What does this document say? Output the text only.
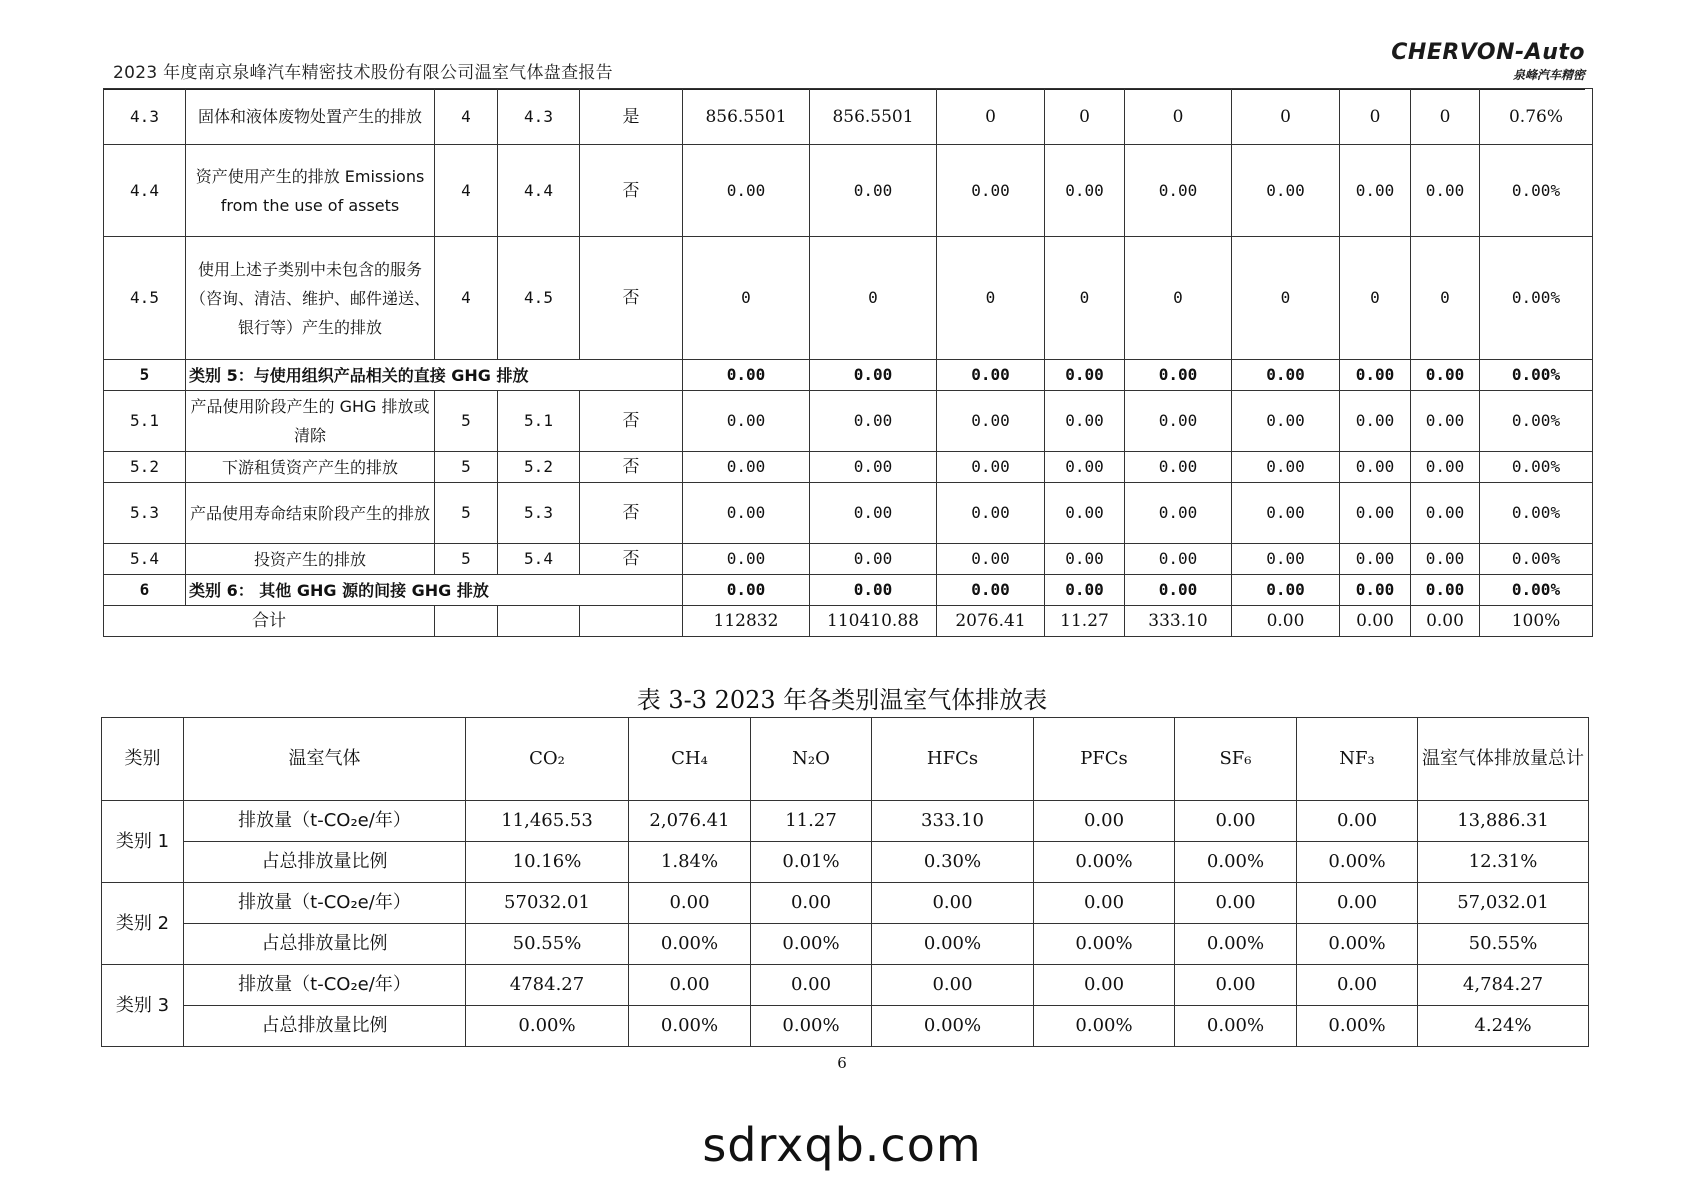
2023 年度南京泉峰汽车精密技术股份有限公司温室气体盘查报告
CHERVON-Auto
泉峰汽车精密
4.3	固体和液体废物处置产生的排放	4	4.3	是	856.5501	856.5501	0	0	0	0	0	0	0.76%
4.4	资产使用产生的排放 Emissions from the use of assets	4	4.4	否	0.00	0.00	0.00	0.00	0.00	0.00	0.00	0.00	0.00%
4.5	使用上述子类别中未包含的服务（咨询、清洁、维护、邮件递送、银行等）产生的排放	4	4.5	否	0	0	0	0	0	0	0	0	0.00%
5	类别 5：与使用组织产品相关的直接 GHG 排放				0.00	0.00	0.00	0.00	0.00	0.00	0.00	0.00	0.00%
5.1	产品使用阶段产生的 GHG 排放或清除	5	5.1	否	0.00	0.00	0.00	0.00	0.00	0.00	0.00	0.00	0.00%
5.2	下游租赁资产产生的排放	5	5.2	否	0.00	0.00	0.00	0.00	0.00	0.00	0.00	0.00	0.00%
5.3	产品使用寿命结束阶段产生的排放	5	5.3	否	0.00	0.00	0.00	0.00	0.00	0.00	0.00	0.00	0.00%
5.4	投资产生的排放	5	5.4	否	0.00	0.00	0.00	0.00	0.00	0.00	0.00	0.00	0.00%
6	类别 6： 其他 GHG 源的间接 GHG 排放				0.00	0.00	0.00	0.00	0.00	0.00	0.00	0.00	0.00%
合计					112832	110410.88	2076.41	11.27	333.10	0.00	0.00	0.00	100%
表 3-3 2023 年各类别温室气体排放表
类别	温室气体	CO₂	CH₄	N₂O	HFCs	PFCs	SF₆	NF₃	温室气体排放量总计
类别 1	排放量（t-CO₂e/年）	11,465.53	2,076.41	11.27	333.10	0.00	0.00	0.00	13,886.31
	占总排放量比例	10.16%	1.84%	0.01%	0.30%	0.00%	0.00%	0.00%	12.31%
类别 2	排放量（t-CO₂e/年）	57032.01	0.00	0.00	0.00	0.00	0.00	0.00	57,032.01
	占总排放量比例	50.55%	0.00%	0.00%	0.00%	0.00%	0.00%	0.00%	50.55%
类别 3	排放量（t-CO₂e/年）	4784.27	0.00	0.00	0.00	0.00	0.00	0.00	4,784.27
	占总排放量比例	0.00%	0.00%	0.00%	0.00%	0.00%	0.00%	0.00%	4.24%
6
sdrxqb.com
